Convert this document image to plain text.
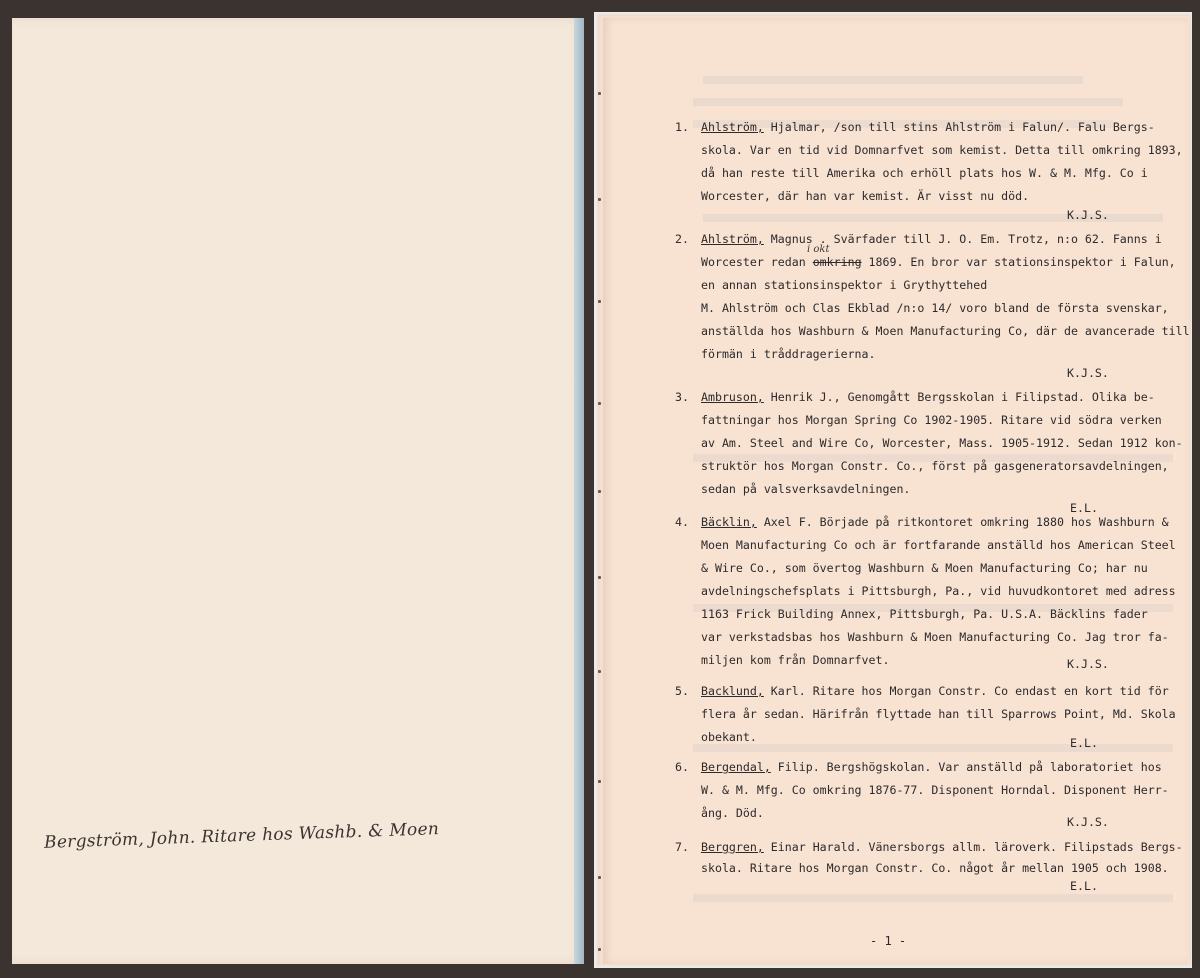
Bergström, John. Ritare hos Washb. & Moen
1. Ahlström, Hjalmar, /son till stins Ahlström i Falun/. Falu Bergs-
skola. Var en tid vid Domnarfvet som kemist. Detta till omkring 1893,
då han reste till Amerika och erhöll plats hos W. & M. Mfg. Co i
Worcester, där han var kemist. Är visst nu död.
K.J.S.
2. Ahlström, Magnus . Svärfader till J. O. Em. Trotz, n:o 62. Fanns i
i okt
Worcester redan omkring 1869. En bror var stationsinspektor i Falun,
en annan stationsinspektor i Grythyttehed
M. Ahlström och Clas Ekblad /n:o 14/ voro bland de första svenskar,
anställda hos Washburn & Moen Manufacturing Co, där de avancerade till
förmän i tråddragerierna.
K.J.S.
3. Ambruson, Henrik J., Genomgått Bergsskolan i Filipstad. Olika be-
fattningar hos Morgan Spring Co 1902-1905. Ritare vid södra verken
av Am. Steel and Wire Co, Worcester, Mass. 1905-1912. Sedan 1912 kon-
struktör hos Morgan Constr. Co., först på gasgeneratorsavdelningen,
sedan på valsverksavdelningen.
E.L.
4. Bäcklin, Axel F. Började på ritkontoret omkring 1880 hos Washburn &
Moen Manufacturing Co och är fortfarande anställd hos American Steel
& Wire Co., som övertog Washburn & Moen Manufacturing Co; har nu
avdelningschefsplats i Pittsburgh, Pa., vid huvudkontoret med adress
1163 Frick Building Annex, Pittsburgh, Pa. U.S.A. Bäcklins fader
var verkstadsbas hos Washburn & Moen Manufacturing Co. Jag tror fa-
miljen kom från Domnarfvet.	K.J.S.
5. Backlund, Karl. Ritare hos Morgan Constr. Co endast en kort tid för
flera år sedan. Härifrån flyttade han till Sparrows Point, Md. Skola
obekant.	E.L.
6. Bergendal, Filip. Bergshögskolan. Var anställd på laboratoriet hos
W. & M. Mfg. Co omkring 1876-77. Disponent Horndal. Disponent Herr-
ång. Död.
K.J.S.
7. Berggren, Einar Harald. Vänersborgs allm. läroverk. Filipstads Bergs-
skola. Ritare hos Morgan Constr. Co. något år mellan 1905 och 1908.
E.L.
- 1 -
